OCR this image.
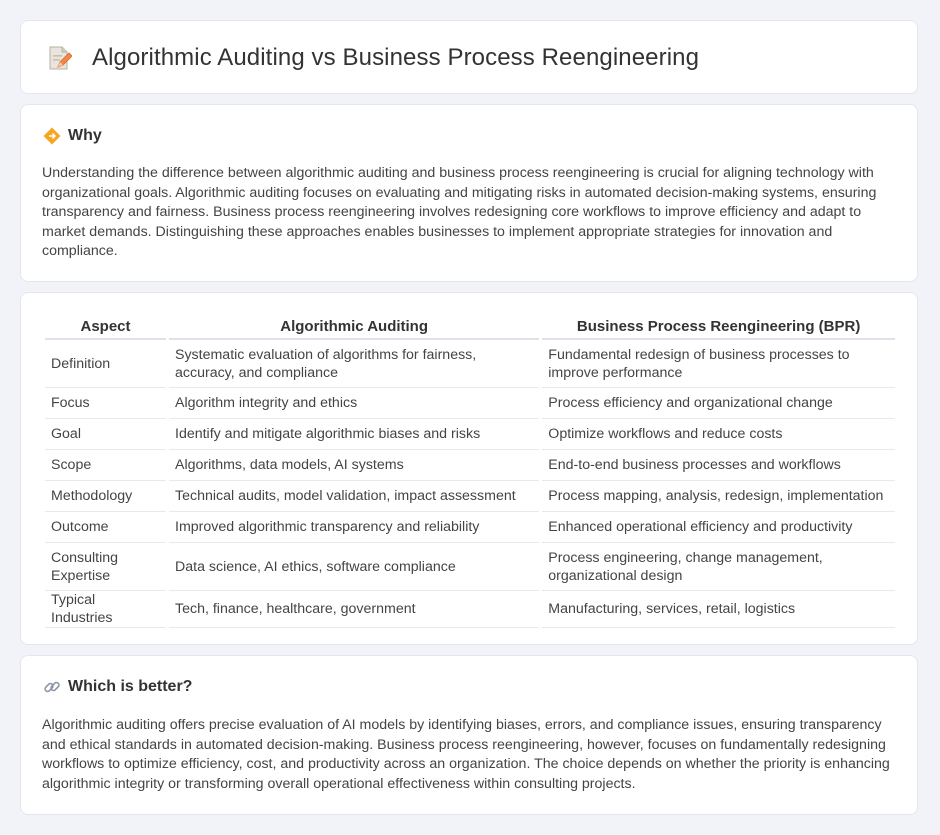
Algorithmic Auditing vs Business Process Reengineering
Why

Understanding the difference between algorithmic auditing and business process reengineering is crucial for aligning technology with organizational goals. Algorithmic auditing focuses on evaluating and mitigating risks in automated decision-making systems, ensuring transparency and fairness. Business process reengineering involves redesigning core workflows to improve efficiency and adapt to market demands. Distinguishing these approaches enables businesses to implement appropriate strategies for innovation and compliance.

Aspect	Algorithmic Auditing	Business Process Reengineering (BPR)
Definition	Systematic evaluation of algorithms for fairness, accuracy, and compliance	Fundamental redesign of business processes to improve performance
Focus	Algorithm integrity and ethics	Process efficiency and organizational change
Goal	Identify and mitigate algorithmic biases and risks	Optimize workflows and reduce costs
Scope	Algorithms, data models, AI systems	End-to-end business processes and workflows
Methodology	Technical audits, model validation, impact assessment	Process mapping, analysis, redesign, implementation
Outcome	Improved algorithmic transparency and reliability	Enhanced operational efficiency and productivity
Consulting Expertise	Data science, AI ethics, software compliance	Process engineering, change management, organizational design
Typical Industries	Tech, finance, healthcare, government	Manufacturing, services, retail, logistics
Which is better?

Algorithmic auditing offers precise evaluation of AI models by identifying biases, errors, and compliance issues, ensuring transparency and ethical standards in automated decision-making. Business process reengineering, however, focuses on fundamentally redesigning workflows to optimize efficiency, cost, and productivity across an organization. The choice depends on whether the priority is enhancing algorithmic integrity or transforming overall operational effectiveness within consulting projects.
